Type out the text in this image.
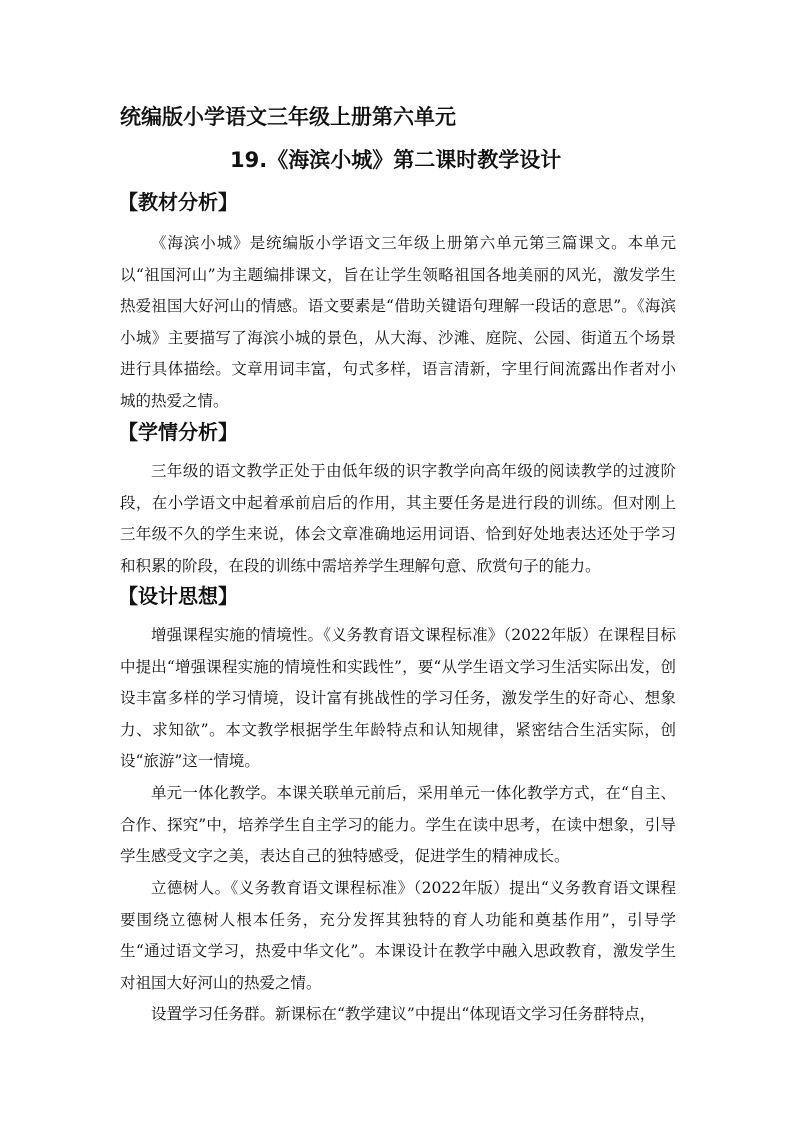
统编版小学语文三年级上册第六单元
19.《海滨小城》第二课时教学设计
【教材分析】

《海滨小城》是统编版小学语文三年级上册第六单元第三篇课文。本单元以“祖国河山”为主题编排课文，旨在让学生领略祖国各地美丽的风光，激发学生热爱祖国大好河山的情感。语文要素是“借助关键语句理解一段话的意思”。《海滨小城》主要描写了海滨小城的景色，从大海、沙滩、庭院、公园、街道五个场景进行具体描绘。文章用词丰富，句式多样，语言清新，字里行间流露出作者对小城的热爱之情。

【学情分析】

三年级的语文教学正处于由低年级的识字教学向高年级的阅读教学的过渡阶段，在小学语文中起着承前启后的作用，其主要任务是进行段的训练。但对刚上三年级不久的学生来说，体会文章准确地运用词语、恰到好处地表达还处于学习和积累的阶段，在段的训练中需培养学生理解句意、欣赏句子的能力。

【设计思想】

增强课程实施的情境性。《义务教育语文课程标准》（2022年版）在课程目标中提出“增强课程实施的情境性和实践性”，要“从学生语文学习生活实际出发，创设丰富多样的学习情境，设计富有挑战性的学习任务，激发学生的好奇心、想象力、求知欲”。本文教学根据学生年龄特点和认知规律，紧密结合生活实际，创设“旅游”这一情境。

单元一体化教学。本课关联单元前后，采用单元一体化教学方式，在“自主、合作、探究”中，培养学生自主学习的能力。学生在读中思考，在读中想象，引导学生感受文字之美，表达自己的独特感受，促进学生的精神成长。

立德树人。《义务教育语文课程标准》（2022年版）提出“义务教育语文课程要围绕立德树人根本任务，充分发挥其独特的育人功能和奠基作用”，引导学生“通过语文学习，热爱中华文化”。本课设计在教学中融入思政教育，激发学生对祖国大好河山的热爱之情。

设置学习任务群。新课标在“教学建议”中提出“体现语文学习任务群特点，
